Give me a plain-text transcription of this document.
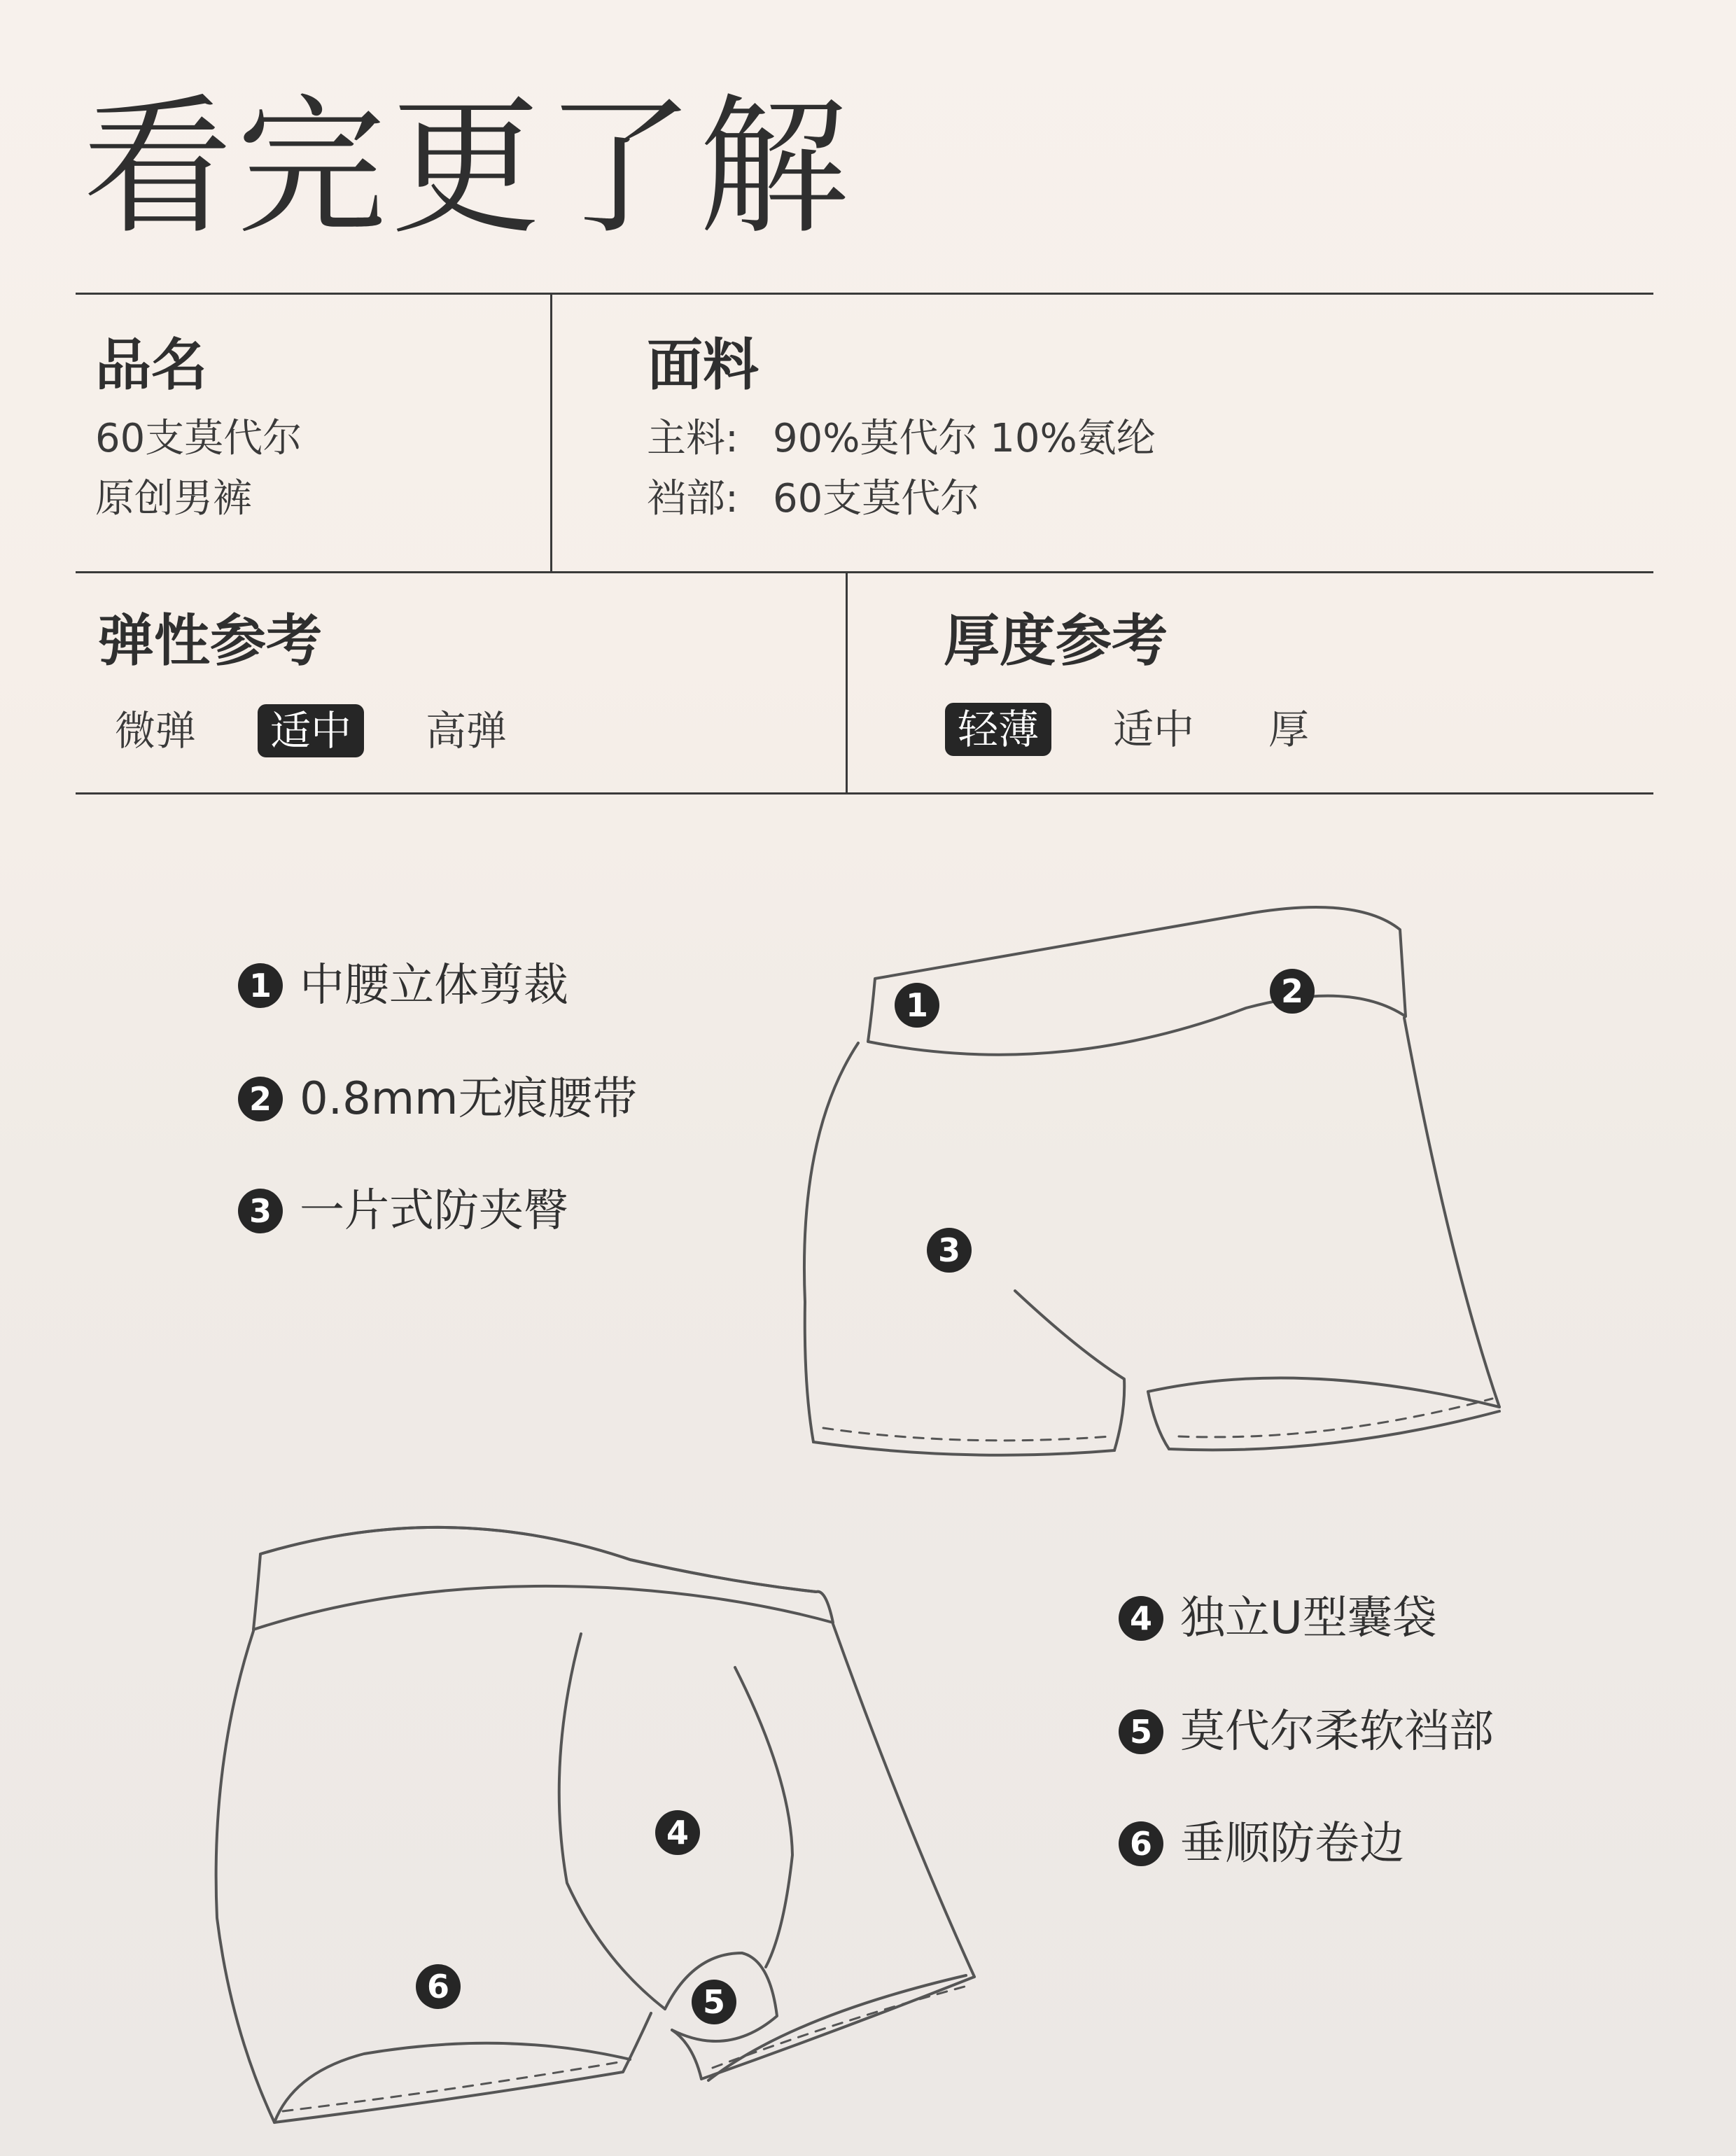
看完更了解
品名
60支莫代尔
原创男裤
面料
主料: 90%莫代尔 10%氨纶
裆部: 60支莫代尔
弹性参考
微弹	适中	高弹
厚度参考
轻薄	适中	厚
1 中腰立体剪裁
2 0.8mm无痕腰带
3 一片式防夹臀
4 独立U型囊袋
5 莫代尔柔软裆部
6 垂顺防卷边
1	2
3
4
5
6
